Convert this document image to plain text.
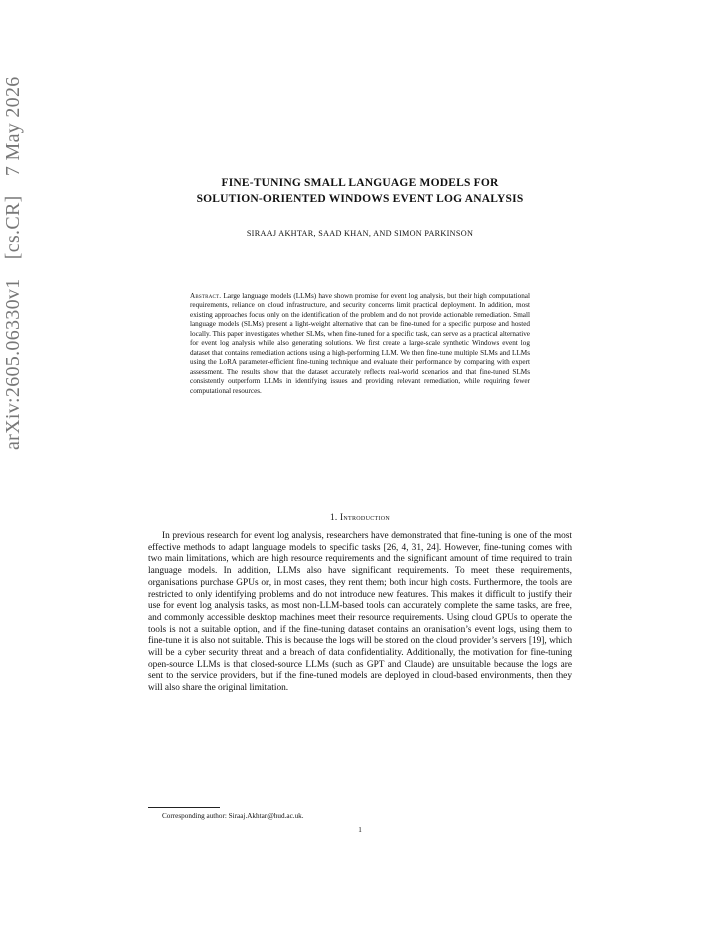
arXiv:2605.06330v1 [cs.CR] 7 May 2026
FINE-TUNING SMALL LANGUAGE MODELS FOR
SOLUTION-ORIENTED WINDOWS EVENT LOG ANALYSIS
SIRAAJ AKHTAR, SAAD KHAN, AND SIMON PARKINSON
Abstract. Large language models (LLMs) have shown promise for event log analysis, but their high computational requirements, reliance on cloud infrastructure, and security concerns limit practical deployment. In addition, most existing approaches focus only on the identification of the problem and do not provide actionable remediation. Small language models (SLMs) present a light-weight alternative that can be fine-tuned for a specific purpose and hosted locally. This paper investigates whether SLMs, when fine-tuned for a specific task, can serve as a practical alternative for event log analysis while also generating solutions. We first create a large-scale synthetic Windows event log dataset that contains remediation actions using a high-performing LLM. We then fine-tune multiple SLMs and LLMs using the LoRA parameter-efficient fine-tuning technique and evaluate their performance by comparing with expert assessment. The results show that the dataset accurately reflects real-world scenarios and that fine-tuned SLMs consistently outperform LLMs in identifying issues and providing relevant remediation, while requiring fewer computational resources.
1. Introduction

In previous research for event log analysis, researchers have demonstrated that fine-tuning is one of the most effective methods to adapt language models to specific tasks [26, 4, 31, 24]. However, fine-tuning comes with two main limitations, which are high resource requirements and the significant amount of time required to train language models. In addition, LLMs also have significant requirements. To meet these requirements, organisations purchase GPUs or, in most cases, they rent them; both incur high costs. Furthermore, the tools are restricted to only identifying problems and do not introduce new features. This makes it difficult to justify their use for event log analysis tasks, as most non-LLM-based tools can accurately complete the same tasks, are free, and commonly accessible desktop machines meet their resource requirements. Using cloud GPUs to operate the tools is not a suitable option, and if the fine-tuning dataset contains an oranisation’s event logs, using them to fine-tune it is also not suitable. This is because the logs will be stored on the cloud provider’s servers [19], which will be a cyber security threat and a breach of data confidentiality. Additionally, the motivation for fine-tuning open-source LLMs is that closed-source LLMs (such as GPT and Claude) are unsuitable because the logs are sent to the service providers, but if the fine-tuned models are deployed in cloud-based environments, then they will also share the original limitation.

Corresponding author: Siraaj.Akhtar@hud.ac.uk.
1
